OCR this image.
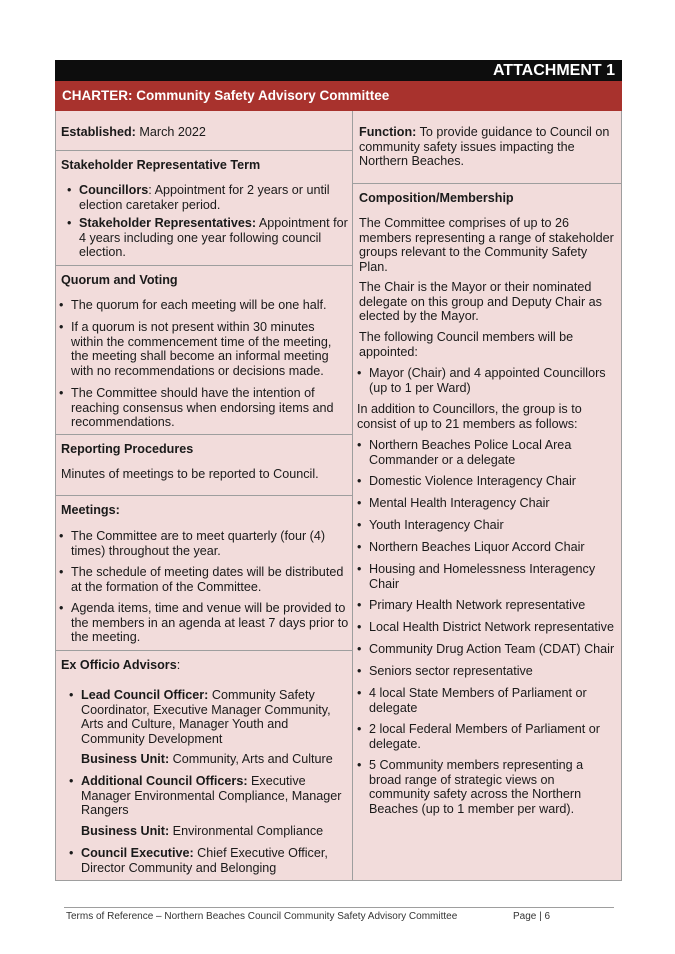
ATTACHMENT 1
CHARTER: Community Safety Advisory Committee
Established: March 2022
Stakeholder Representative Term
• Councillors: Appointment for 2 years or until election caretaker period.
• Stakeholder Representatives: Appointment for 4 years including one year following council election.
Quorum and Voting
• The quorum for each meeting will be one half.
• If a quorum is not present within 30 minutes within the commencement time of the meeting, the meeting shall become an informal meeting with no recommendations or decisions made.
• The Committee should have the intention of reaching consensus when endorsing items and recommendations.
Reporting Procedures
Minutes of meetings to be reported to Council.
Meetings:
• The Committee are to meet quarterly (four (4) times) throughout the year.
• The schedule of meeting dates will be distributed at the formation of the Committee.
• Agenda items, time and venue will be provided to the members in an agenda at least 7 days prior to the meeting.
Ex Officio Advisors:
• Lead Council Officer: Community Safety Coordinator, Executive Manager Community, Arts and Culture, Manager Youth and Community Development
Business Unit: Community, Arts and Culture
• Additional Council Officers: Executive Manager Environmental Compliance, Manager Rangers
Business Unit: Environmental Compliance
• Council Executive: Chief Executive Officer, Director Community and Belonging
Function: To provide guidance to Council on community safety issues impacting the Northern Beaches.
Composition/Membership
The Committee comprises of up to 26 members representing a range of stakeholder groups relevant to the Community Safety Plan.
The Chair is the Mayor or their nominated delegate on this group and Deputy Chair as elected by the Mayor.
The following Council members will be appointed:
• Mayor (Chair) and 4 appointed Councillors (up to 1 per Ward)
In addition to Councillors, the group is to consist of up to 21 members as follows:
• Northern Beaches Police Local Area Commander or a delegate
• Domestic Violence Interagency Chair
• Mental Health Interagency Chair
• Youth Interagency Chair
• Northern Beaches Liquor Accord Chair
• Housing and Homelessness Interagency Chair
• Primary Health Network representative
• Local Health District Network representative
• Community Drug Action Team (CDAT) Chair
• Seniors sector representative
• 4 local State Members of Parliament or delegate
• 2 local Federal Members of Parliament or delegate.
• 5 Community members representing a broad range of strategic views on community safety across the Northern Beaches (up to 1 member per ward).
Terms of Reference – Northern Beaches Council Community Safety Advisory Committee	Page | 6
